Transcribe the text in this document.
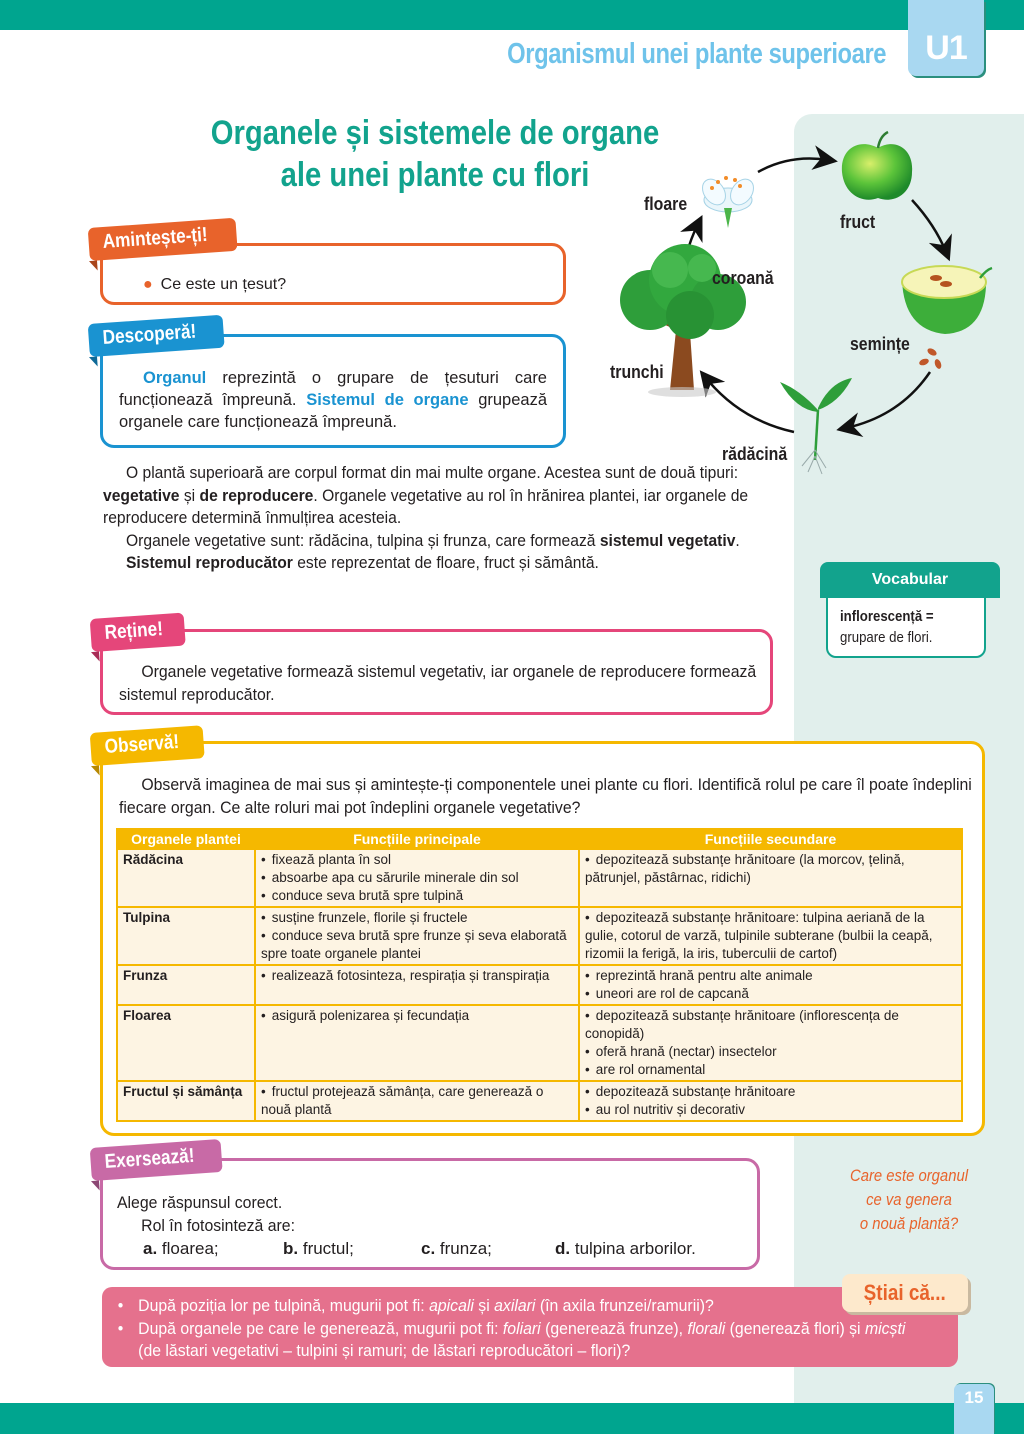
Organismul unei plante superioare U1
Organele și sistemele de organe
ale unei plante cu flori
● Ce este un țesut?
Amintește-ți!
Organul reprezintă o grupare de țesuturi care funcționează împreună. Sistemul de organe grupează organele care funcționează împreună.
Descoperă!
floare
fruct
coroană
semințe
trunchi
rădăcină

O plantă superioară are corpul format din mai multe organe. Acestea sunt de două tipuri: vegetative și de reproducere. Organele vegetative au rol în hrănirea plantei, iar organele de reproducere determină înmulțirea acesteia.

Organele vegetative sunt: rădăcina, tulpina și frunza, care formează sistemul vegetativ.

Sistemul reproducător este reprezentat de floare, fruct și sământă.

Vocabular
inflorescență =
grupare de flori.
Organele vegetative formează sistemul vegetativ, iar organele de reproducere formează sistemul reproducător.
Reține!
Observă imaginea de mai sus și amintește-ți componentele unei plante cu flori. Identifică rolul pe care îl poate îndeplini fiecare organ. Ce alte roluri mai pot îndeplini organele vegetative?
Organele plantei	Funcțiile principale	Funcțiile secundare
Rădăcina	• fixează planta în sol
• absoarbe apa cu sărurile minerale din sol
• conduce seva brută spre tulpină	• depozitează substanțe hrănitoare (la morcov, țelină, pătrunjel, păstârnac, ridichi)

Tulpina	• susține frunzele, florile și fructele
• conduce seva brută spre frunze și seva elaborată spre toate organele plantei	• depozitează substanțe hrănitoare: tulpina aeriană de la gulie, cotorul de varză, tulpinile subterane (bulbii la ceapă, rizomii la ferigă, la iris, tuberculii de cartof)

Frunza	• realizează fotosinteza, respirația și transpirația	• reprezintă hrană pentru alte animale
• uneori are rol de capcană

Floarea	• asigură polenizarea și fecundația	• depozitează substanțe hrănitoare (inflorescența de conopidă)
• oferă hrană (nectar) insectelor
• are rol ornamental

Fructul și sămânța	• fructul protejează sămânța, care generează o nouă plantă	• depozitează substanțe hrănitoare
• au rol nutritiv și decorativ
Observă!
Alege răspunsul corect.
Rol în fotosinteză are:
a. floarea;	b. fructul;	c. frunza;	d. tulpina arborilor.
Exersează!
Care este organul
ce va genera
o nouă plantă?
• După poziția lor pe tulpină, mugurii pot fi: apicali și axilari (în axila frunzei/ramurii)?
• După organele pe care le generează, mugurii pot fi: foliari (generează frunze), florali (generează flori) și micști (de lăstari vegetativi – tulpini și ramuri; de lăstari reproducători – flori)?
Știai că...
15
